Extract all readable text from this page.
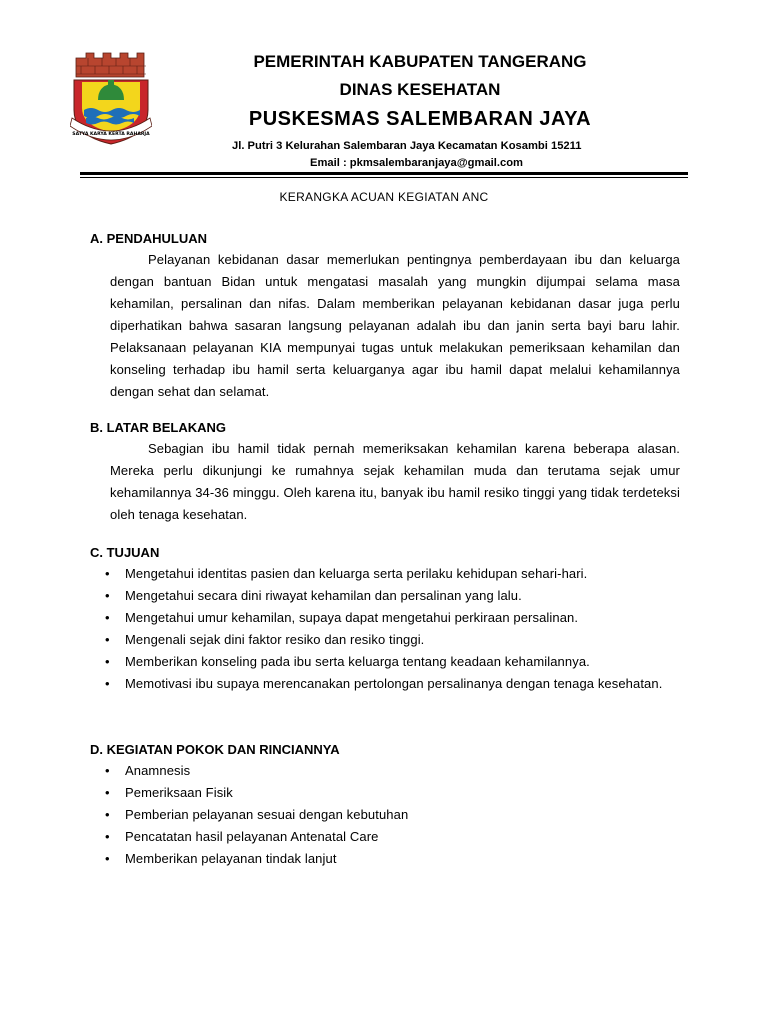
SATYA KARYA KERTA RAHARJA
PEMERINTAH KABUPATEN TANGERANG
DINAS KESEHATAN
PUSKESMAS SALEMBARAN JAYA
Jl. Putri 3 Kelurahan Salembaran Jaya Kecamatan Kosambi 15211
Email : pkmsalembaranjaya@gmail.com
KERANGKA ACUAN KEGIATAN ANC

A. PENDAHULUAN

Pelayanan kebidanan dasar memerlukan pentingnya pemberdayaan ibu dan keluarga dengan bantuan Bidan untuk mengatasi masalah yang mungkin dijumpai selama masa kehamilan, persalinan dan nifas. Dalam memberikan pelayanan kebidanan dasar juga perlu diperhatikan bahwa sasaran langsung pelayanan adalah ibu dan janin serta bayi baru lahir. Pelaksanaan pelayanan KIA mempunyai tugas untuk melakukan pemeriksaan kehamilan dan konseling terhadap ibu hamil serta keluarganya agar ibu hamil dapat melalui kehamilannya dengan sehat dan selamat.

B. LATAR BELAKANG

Sebagian ibu hamil tidak pernah memeriksakan kehamilan karena beberapa alasan. Mereka perlu dikunjungi ke rumahnya sejak kehamilan muda dan terutama sejak umur kehamilannya 34-36 minggu. Oleh karena itu, banyak ibu hamil resiko tinggi yang tidak terdeteksi oleh tenaga kesehatan.

C. TUJUAN

• Mengetahui identitas pasien dan keluarga serta perilaku kehidupan sehari-hari.
• Mengetahui secara dini riwayat kehamilan dan persalinan yang lalu.
• Mengetahui umur kehamilan, supaya dapat mengetahui perkiraan persalinan.
• Mengenali sejak dini faktor resiko dan resiko tinggi.
• Memberikan konseling pada ibu serta keluarga tentang keadaan kehamilannya.
• Memotivasi ibu supaya merencanakan pertolongan persalinanya dengan tenaga kesehatan.

D. KEGIATAN POKOK DAN RINCIANNYA

• Anamnesis
• Pemeriksaan Fisik
• Pemberian pelayanan sesuai dengan kebutuhan
• Pencatatan hasil pelayanan Antenatal Care
• Memberikan pelayanan tindak lanjut
